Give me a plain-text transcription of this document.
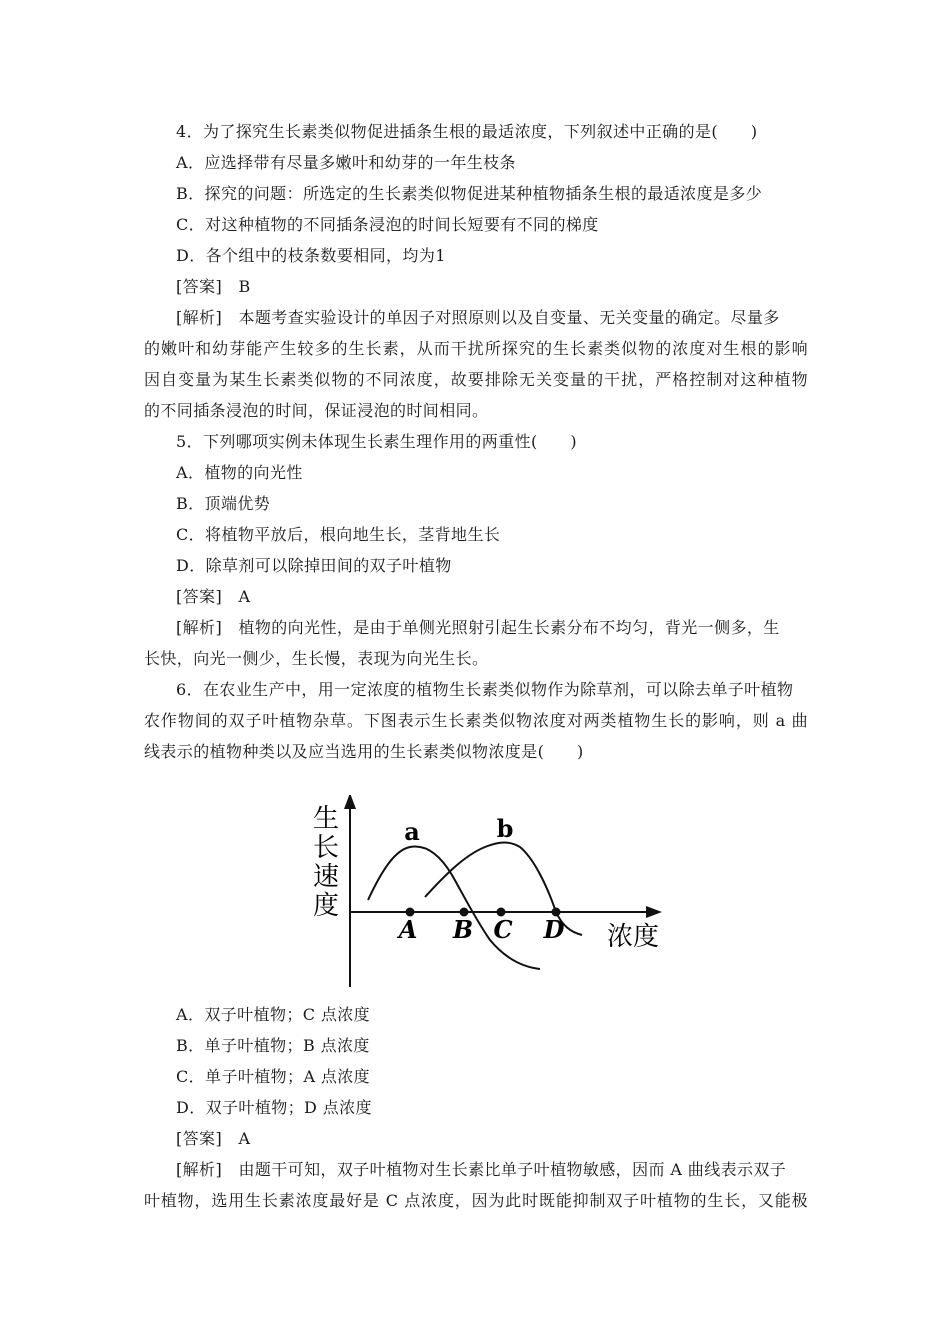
4．为了探究生长素类似物促进插条生根的最适浓度，下列叙述中正确的是(　　)
A．应选择带有尽量多嫩叶和幼芽的一年生枝条
B．探究的问题：所选定的生长素类似物促进某种植物插条生根的最适浓度是多少
C．对这种植物的不同插条浸泡的时间长短要有不同的梯度
D．各个组中的枝条数要相同，均为1
[答案]　B
[解析]　本题考查实验设计的单因子对照原则以及自变量、无关变量的确定。尽量多
的嫩叶和幼芽能产生较多的生长素，从而干扰所探究的生长素类似物的浓度对生根的影响
因自变量为某生长素类似物的不同浓度，故要排除无关变量的干扰，严格控制对这种植物
的不同插条浸泡的时间，保证浸泡的时间相同。
5．下列哪项实例未体现生长素生理作用的两重性(　　)
A．植物的向光性
B．顶端优势
C．将植物平放后，根向地生长，茎背地生长
D．除草剂可以除掉田间的双子叶植物
[答案]　A
[解析]　植物的向光性，是由于单侧光照射引起生长素分布不均匀，背光一侧多，生
长快，向光一侧少，生长慢，表现为向光生长。
6．在农业生产中，用一定浓度的植物生长素类似物作为除草剂，可以除去单子叶植物
农作物间的双子叶植物杂草。下图表示生长素类似物浓度对两类植物生长的影响，则 a 曲
线表示的植物种类以及应当选用的生长素类似物浓度是(　　)
生
长
速
度
a	b
A B C D 浓度
A．双子叶植物；C 点浓度
B．单子叶植物；B 点浓度
C．单子叶植物；A 点浓度
D．双子叶植物；D 点浓度
[答案]　A
[解析]　由题干可知，双子叶植物对生长素比单子叶植物敏感，因而 A 曲线表示双子
叶植物，选用生长素浓度最好是 C 点浓度，因为此时既能抑制双子叶植物的生长，又能极
